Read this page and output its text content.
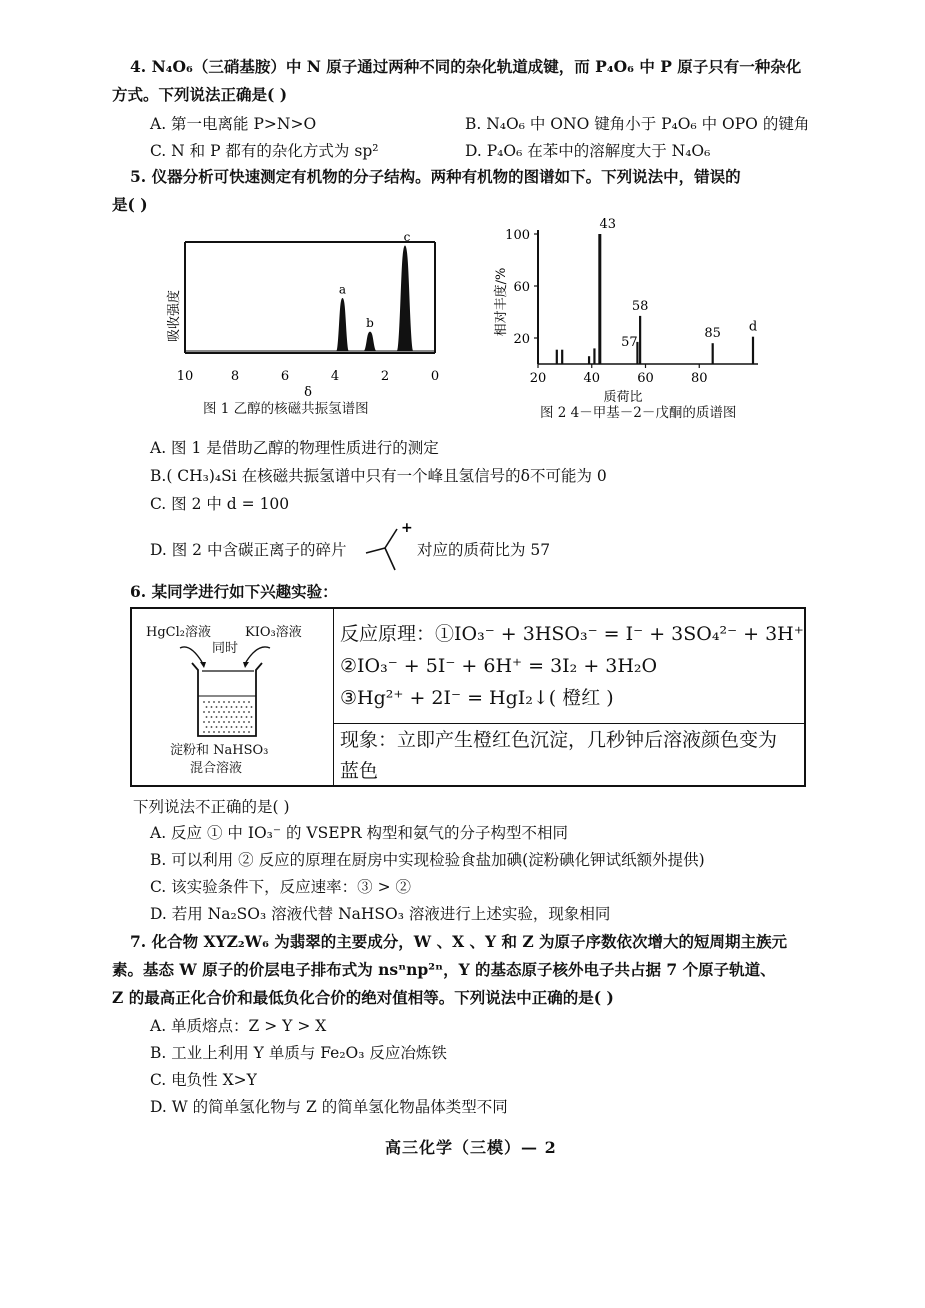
4. N₄O₆（三硝基胺）中 N 原子通过两种不同的杂化轨道成键，而 P₄O₆ 中 P 原子只有一种杂化
方式。下列说法正确是( )
A. 第一电离能 P>N>O	B. N₄O₆ 中 ONO 键角小于 P₄O₆ 中 OPO 的键角
C. N 和 P 都有的杂化方式为 sp²	D. P₄O₆ 在苯中的溶解度大于 N₄O₆
5. 仪器分析可快速测定有机物的分子结构。两种有机物的图谱如下。下列说法中，错误的
是( )
吸收强度
a
b
c
10	8	6	4	2	0
δ
图 1 乙醇的核磁共振氢谱图
相对丰度/%
20
60
100
20	40	60	80
43
57
58
85 d
质荷比
图 2 4－甲基－2－戊酮的质谱图
A. 图 1 是借助乙醇的物理性质进行的测定
B.( CH₃)₄Si 在核磁共振氢谱中只有一个峰且氢信号的δ不可能为 0
C. 图 2 中 d = 100
D. 图 2 中含碳正离子的碎片
+
对应的质荷比为 57
6. 某同学进行如下兴趣实验：
HgCl₂溶液	KIO₃溶液
同时
淀粉和 NaHSO₃
混合溶液
反应原理：①IO₃⁻ + 3HSO₃⁻ = I⁻ + 3SO₄²⁻ + 3H⁺
②IO₃⁻ + 5I⁻ + 6H⁺ = 3I₂ + 3H₂O
③Hg²⁺ + 2I⁻ = HgI₂↓( 橙红 )
现象：立即产生橙红色沉淀，几秒钟后溶液颜色变为
蓝色
下列说法不正确的是( )
A. 反应 ① 中 IO₃⁻ 的 VSEPR 构型和氨气的分子构型不相同
B. 可以利用 ② 反应的原理在厨房中实现检验食盐加碘(淀粉碘化钾试纸额外提供)
C. 该实验条件下，反应速率：③ > ②
D. 若用 Na₂SO₃ 溶液代替 NaHSO₃ 溶液进行上述实验，现象相同
7. 化合物 XYZ₂W₆ 为翡翠的主要成分，W 、X 、Y 和 Z 为原子序数依次增大的短周期主族元
素。基态 W 原子的价层电子排布式为 nsⁿnp²ⁿ，Y 的基态原子核外电子共占据 7 个原子轨道、
Z 的最高正化合价和最低负化合价的绝对值相等。下列说法中正确的是( )
A. 单质熔点：Z > Y > X
B. 工业上利用 Y 单质与 Fe₂O₃ 反应冶炼铁
C. 电负性 X>Y
D. W 的简单氢化物与 Z 的简单氢化物晶体类型不同
高三化学（三模）— 2
